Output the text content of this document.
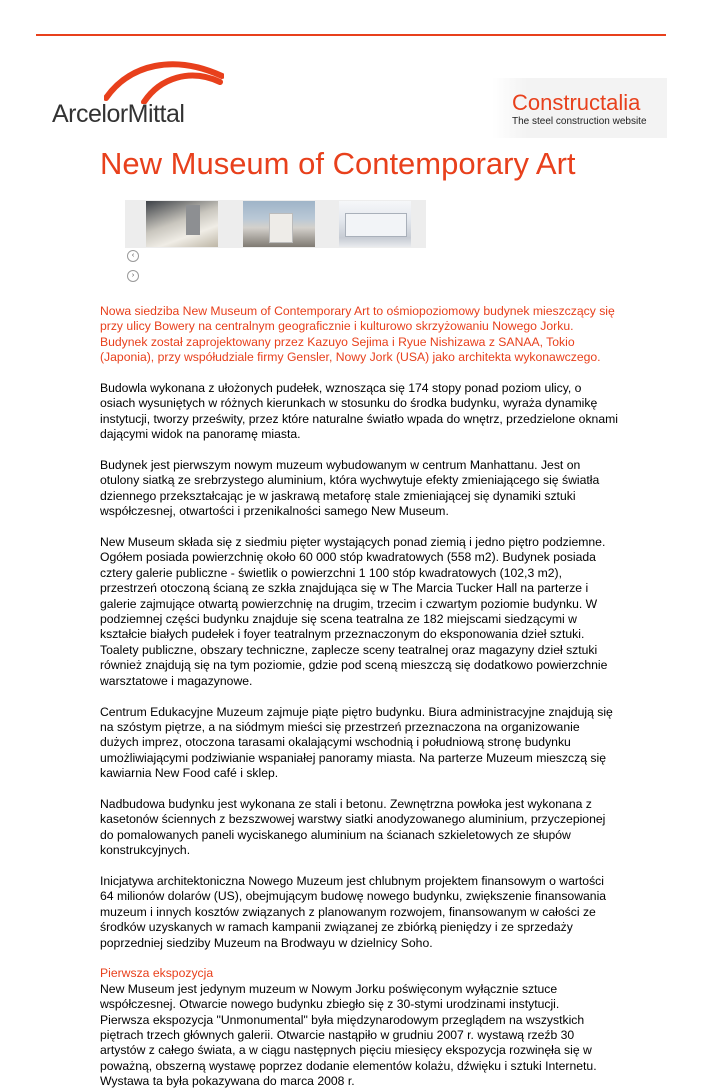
ArcelorMittal	Constructalia
The steel construction website
New Museum of Contemporary Art
‹
›

Nowa siedziba New Museum of Contemporary Art to ośmiopoziomowy budynek mieszczący się przy ulicy Bowery na centralnym geograficznie i kulturowo skrzyżowaniu Nowego Jorku. Budynek został zaprojektowany przez Kazuyo Sejima i Ryue Nishizawa z SANAA, Tokio (Japonia), przy współudziale firmy Gensler, Nowy Jork (USA) jako architekta wykonawczego.

Budowla wykonana z ułożonych pudełek, wznosząca się 174 stopy ponad poziom ulicy, o osiach wysuniętych w różnych kierunkach w stosunku do środka budynku, wyraża dynamikę instytucji, tworzy prześwity, przez które naturalne światło wpada do wnętrz, przedzielone oknami dającymi widok na panoramę miasta.

Budynek jest pierwszym nowym muzeum wybudowanym w centrum Manhattanu. Jest on otulony siatką ze srebrzystego aluminium, która wychwytuje efekty zmieniającego się światła dziennego przekształcając je w jaskrawą metaforę stale zmieniającej się dynamiki sztuki współczesnej, otwartości i przenikalności samego New Museum.

New Museum składa się z siedmiu pięter wystających ponad ziemią i jedno piętro podziemne. Ogółem posiada powierzchnię około 60 000 stóp kwadratowych (558 m2). Budynek posiada cztery galerie publiczne - świetlik o powierzchni 1 100 stóp kwadratowych (102,3 m2), przestrzeń otoczoną ścianą ze szkła znajdująca się w The Marcia Tucker Hall na parterze i galerie zajmujące otwartą powierzchnię na drugim, trzecim i czwartym poziomie budynku. W podziemnej części budynku znajduje się scena teatralna ze 182 miejscami siedzącymi w kształcie białych pudełek i foyer teatralnym przeznaczonym do eksponowania dzieł sztuki. Toalety publiczne, obszary techniczne, zaplecze sceny teatralnej oraz magazyny dzieł sztuki również znajdują się na tym poziomie, gdzie pod sceną mieszczą się dodatkowo powierzchnie warsztatowe i magazynowe.

Centrum Edukacyjne Muzeum zajmuje piąte piętro budynku. Biura administracyjne znajdują się na szóstym piętrze, a na siódmym mieści się przestrzeń przeznaczona na organizowanie dużych imprez, otoczona tarasami okalającymi wschodnią i południową stronę budynku umożliwiającymi podziwianie wspaniałej panoramy miasta. Na parterze Muzeum mieszczą się kawiarnia New Food café i sklep.

Nadbudowa budynku jest wykonana ze stali i betonu. Zewnętrzna powłoka jest wykonana z kasetonów ściennych z bezszwowej warstwy siatki anodyzowanego aluminium, przyczepionej do pomalowanych paneli wyciskanego aluminium na ścianach szkieletowych ze słupów konstrukcyjnych.

Inicjatywa architektoniczna Nowego Muzeum jest chlubnym projektem finansowym o wartości 64 milionów dolarów (US), obejmującym budowę nowego budynku, zwiększenie finansowania muzeum i innych kosztów związanych z planowanym rozwojem, finansowanym w całości ze środków uzyskanych w ramach kampanii związanej ze zbiórką pieniędzy i ze sprzedaży poprzedniej siedziby Muzeum na Brodwayu w dzielnicy Soho.

Pierwsza ekspozycja

New Museum jest jedynym muzeum w Nowym Jorku poświęconym wyłącznie sztuce współczesnej. Otwarcie nowego budynku zbiegło się z 30-stymi urodzinami instytucji.

Pierwsza ekspozycja "Unmonumental" była międzynarodowym przeglądem na wszystkich piętrach trzech głównych galerii. Otwarcie nastąpiło w grudniu 2007 r. wystawą rzeźb 30 artystów z całego świata, a w ciągu następnych pięciu miesięcy ekspozycja rozwinęła się w poważną, obszerną wystawę poprzez dodanie elementów kolażu, dźwięku i sztuki Internetu. Wystawa ta była pokazywana do marca 2008 r.
